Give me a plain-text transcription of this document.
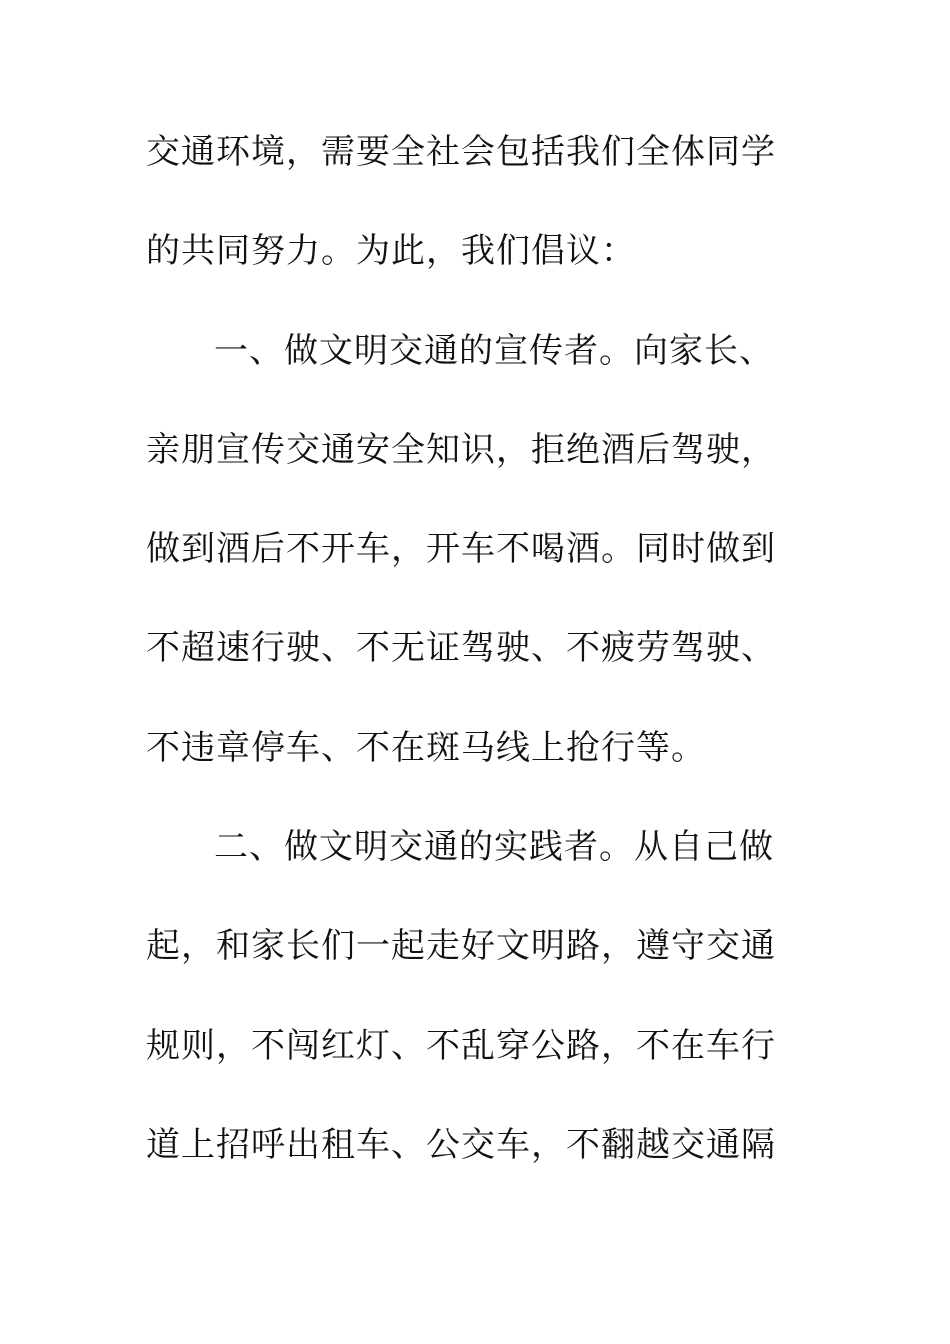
交通环境，需要全社会包括我们全体同学
的共同努力。为此，我们倡议：
一、做文明交通的宣传者。向家长、
亲朋宣传交通安全知识，拒绝酒后驾驶，
做到酒后不开车，开车不喝酒。同时做到
不超速行驶、不无证驾驶、不疲劳驾驶、
不违章停车、不在斑马线上抢行等。
二、做文明交通的实践者。从自己做
起，和家长们一起走好文明路，遵守交通
规则，不闯红灯、不乱穿公路，不在车行
道上招呼出租车、公交车，不翻越交通隔
